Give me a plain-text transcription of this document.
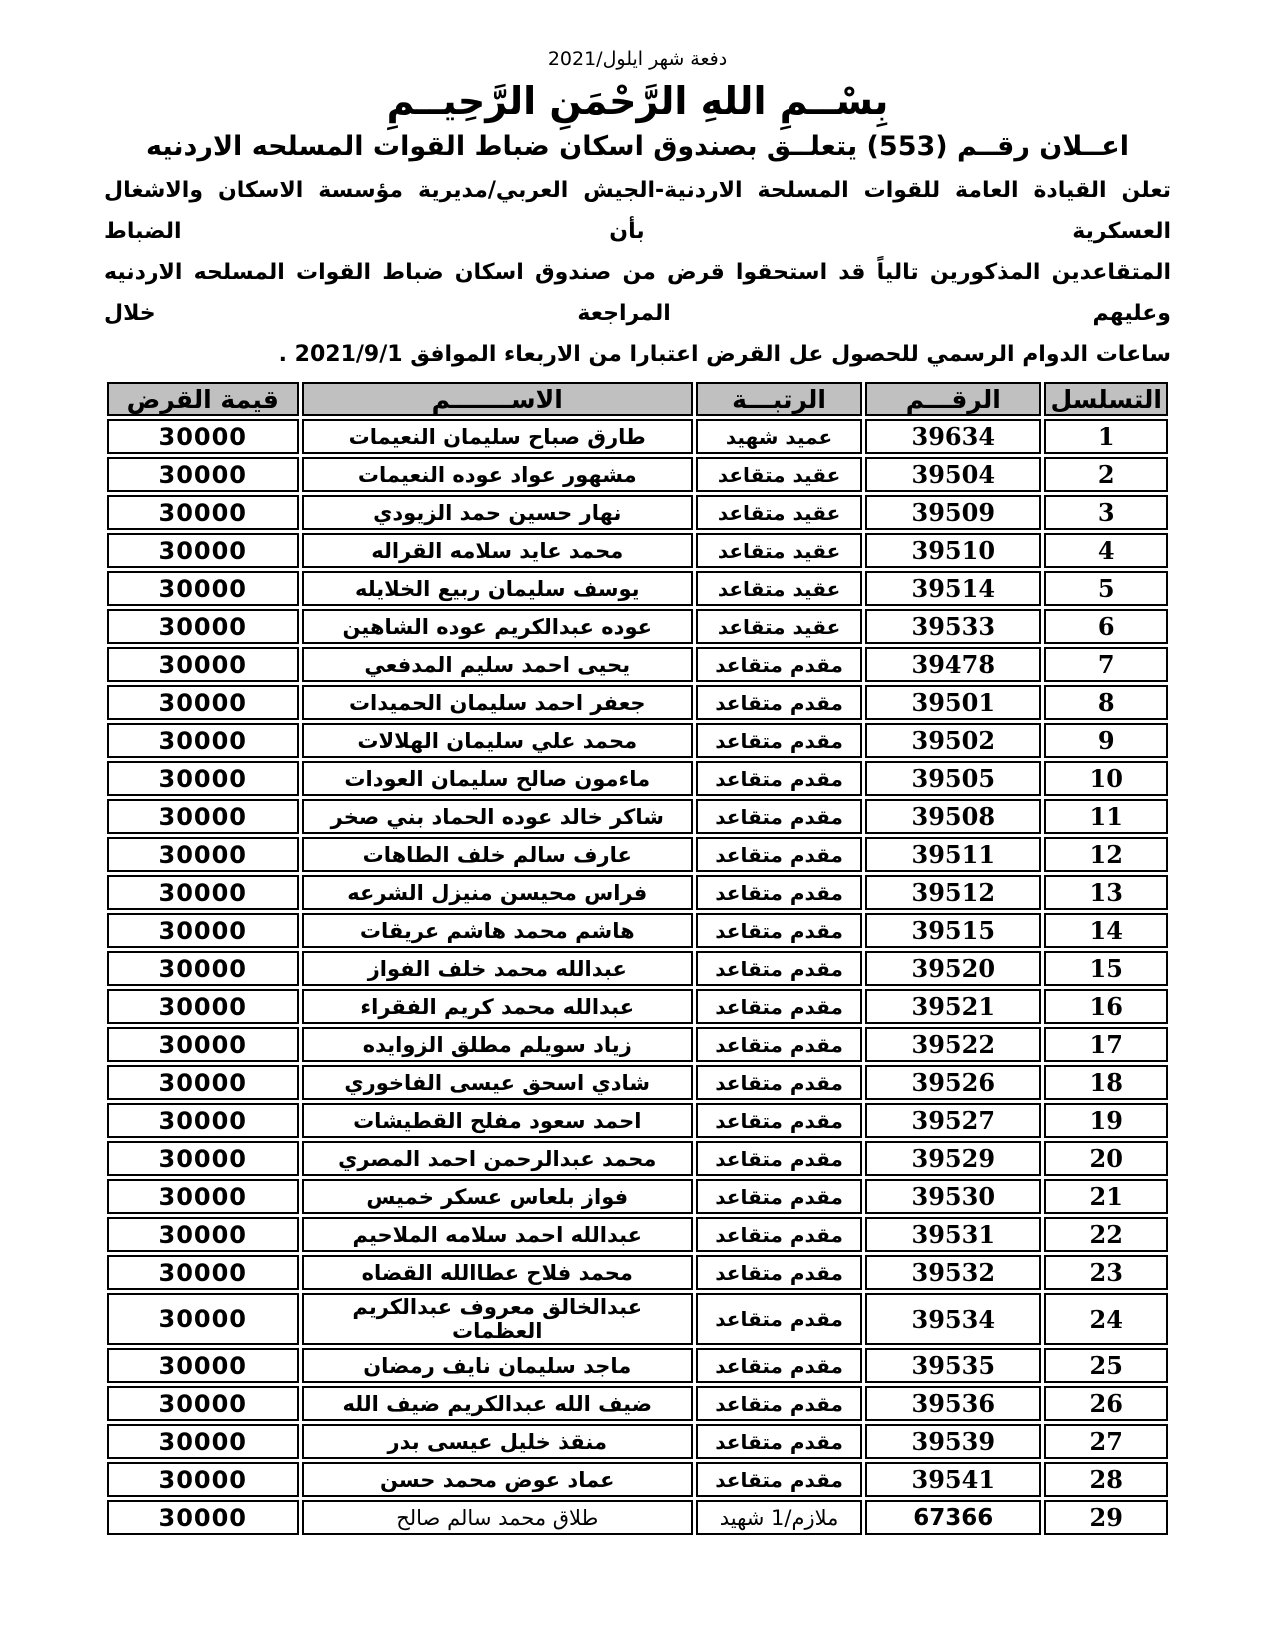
دفعة شهر ايلول/2021
بِسْــمِ اللهِ الرَّحْمَنِ الرَّحِيــمِ
اعــلان رقــم (553) يتعلــق بصندوق اسكان ضباط القوات المسلحه الاردنيه
تعلن القيادة العامة للقوات المسلحة الاردنية-الجيش العربي/مديرية مؤسسة الاسكان والاشغال العسكرية بأن الضباط
المتقاعدين المذكورين تالياً قد استحقوا قرض من صندوق اسكان ضباط القوات المسلحه الاردنيه وعليهم المراجعة خلال
ساعات الدوام الرسمي للحصول عل القرض اعتبارا من الاربعاء الموافق 2021/9/1 .
التسلسل	الرقـــم	الرتبـــة	الاســـــــم	قيمة القرض
1	39634	عميد شهيد	طارق صباح سليمان النعيمات	30000
2	39504	عقيد متقاعد	مشهور عواد عوده النعيمات	30000
3	39509	عقيد متقاعد	نهار حسين حمد الزيودي	30000
4	39510	عقيد متقاعد	محمد عايد سلامه القراله	30000
5	39514	عقيد متقاعد	يوسف سليمان ربيع الخلايله	30000
6	39533	عقيد متقاعد	عوده عبدالكريم عوده الشاهين	30000
7	39478	مقدم متقاعد	يحيى احمد سليم المدفعي	30000
8	39501	مقدم متقاعد	جعفر احمد سليمان الحميدات	30000
9	39502	مقدم متقاعد	محمد علي سليمان الهلالات	30000
10	39505	مقدم متقاعد	ماءمون صالح سليمان العودات	30000
11	39508	مقدم متقاعد	شاكر خالد عوده الحماد بني صخر	30000
12	39511	مقدم متقاعد	عارف سالم خلف الطاهات	30000
13	39512	مقدم متقاعد	فراس محيسن منيزل الشرعه	30000
14	39515	مقدم متقاعد	هاشم محمد هاشم عريقات	30000
15	39520	مقدم متقاعد	عبدالله محمد خلف الفواز	30000
16	39521	مقدم متقاعد	عبدالله محمد كريم الفقراء	30000
17	39522	مقدم متقاعد	زياد سويلم مطلق الزوايده	30000
18	39526	مقدم متقاعد	شادي اسحق عيسى الفاخوري	30000
19	39527	مقدم متقاعد	احمد سعود مفلح القطيشات	30000
20	39529	مقدم متقاعد	محمد عبدالرحمن احمد المصري	30000
21	39530	مقدم متقاعد	فواز بلعاس عسكر خميس	30000
22	39531	مقدم متقاعد	عبدالله احمد سلامه الملاحيم	30000
23	39532	مقدم متقاعد	محمد فلاح عطاالله القضاه	30000
24	39534	مقدم متقاعد	عبدالخالق معروف عبدالكريم العظمات	30000
25	39535	مقدم متقاعد	ماجد سليمان نايف رمضان	30000
26	39536	مقدم متقاعد	ضيف الله عبدالكريم ضيف الله	30000
27	39539	مقدم متقاعد	منقذ خليل عيسى بدر	30000
28	39541	مقدم متقاعد	عماد عوض محمد حسن	30000
29	67366	ملازم/1 شهيد	طلاق محمد سالم صالح	30000
